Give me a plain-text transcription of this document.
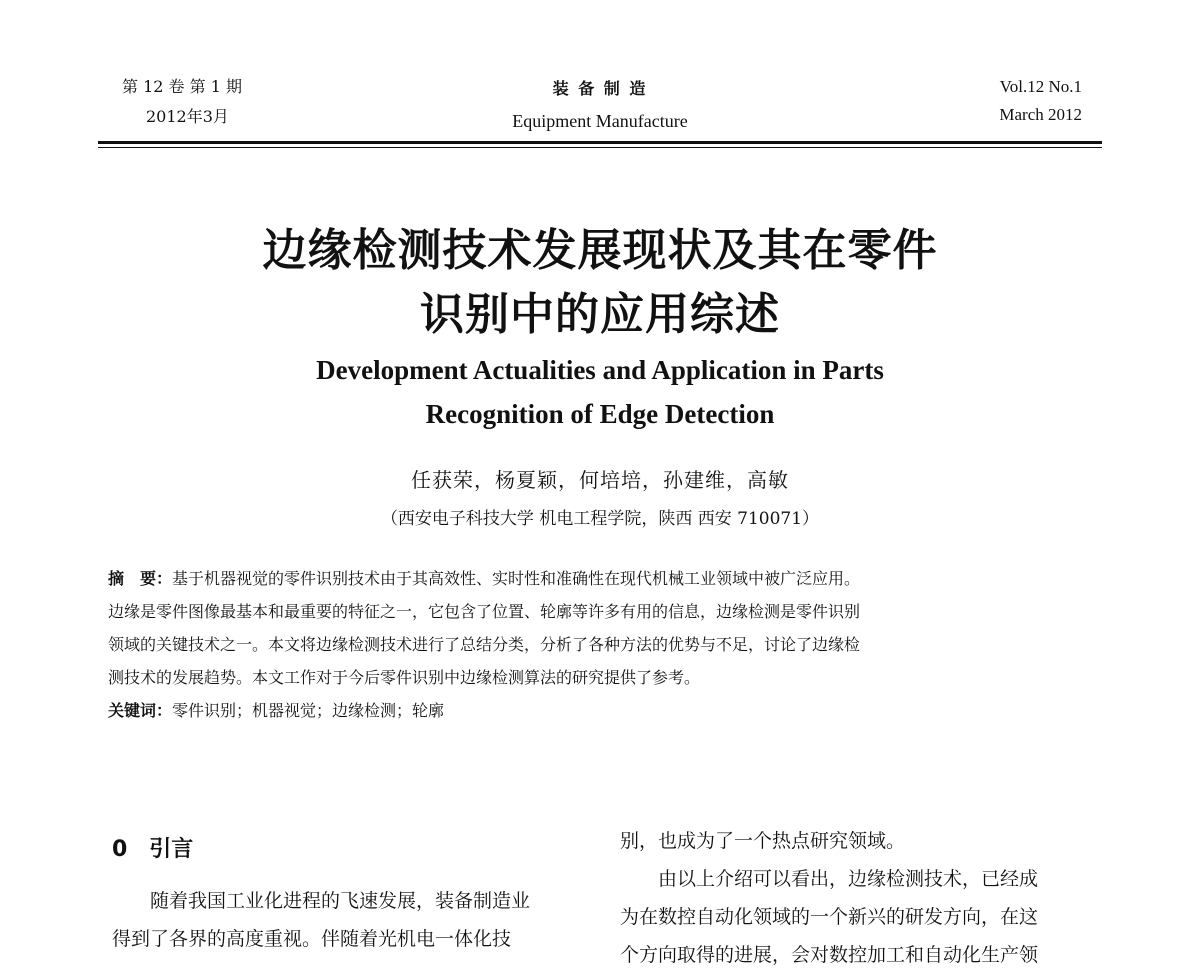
第 12 卷 第 1 期
2012年3月
装 备 制 造
Equipment Manufacture
Vol.12 No.1
March 2012
边缘检测技术发展现状及其在零件
识别中的应用综述
Development Actualities and Application in Parts
Recognition of Edge Detection
任获荣，杨夏颖，何培培，孙建维，高敏
（西安电子科技大学 机电工程学院，陕西 西安 710071）
摘　要：基于机器视觉的零件识别技术由于其高效性、实时性和准确性在现代机械工业领域中被广泛应用。
边缘是零件图像最基本和最重要的特征之一，它包含了位置、轮廓等许多有用的信息，边缘检测是零件识别
领域的关键技术之一。本文将边缘检测技术进行了总结分类，分析了各种方法的优势与不足，讨论了边缘检
测技术的发展趋势。本文工作对于今后零件识别中边缘检测算法的研究提供了参考。
关键词：零件识别；机器视觉；边缘检测；轮廓
0　引言
随着我国工业化进程的飞速发展，装备制造业
得到了各界的高度重视。伴随着光机电一体化技
别，也成为了一个热点研究领域。
由以上介绍可以看出，边缘检测技术，已经成
为在数控自动化领域的一个新兴的研发方向，在这
个方向取得的进展，会对数控加工和自动化生产领
